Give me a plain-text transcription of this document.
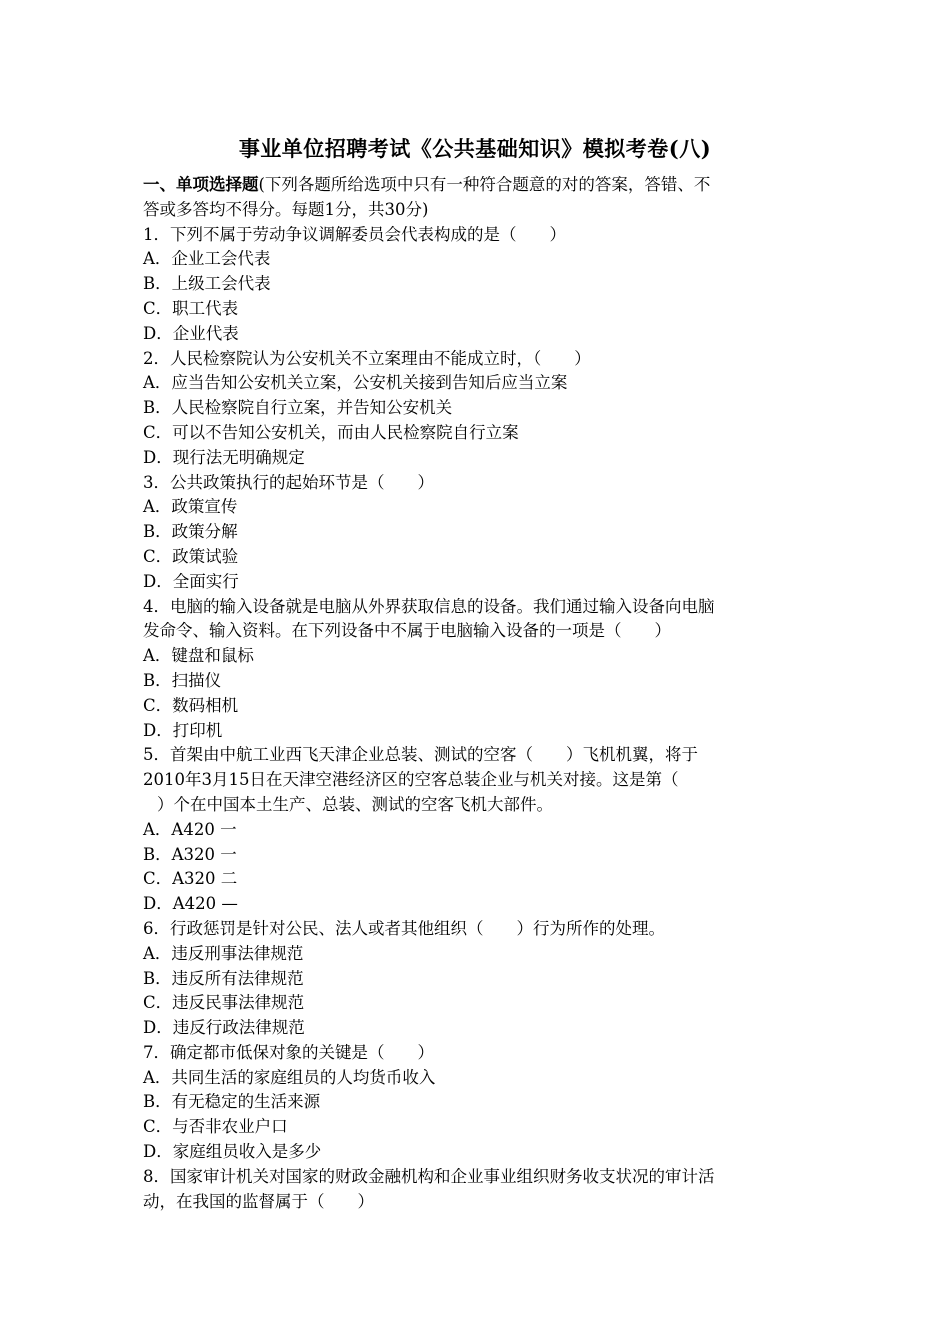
事业单位招聘考试《公共基础知识》模拟考卷(八)
一、单项选择题(下列各题所给选项中只有一种符合题意的对的答案，答错、不
答或多答均不得分。每题1分，共30分)
1．下列不属于劳动争议调解委员会代表构成的是（　　）
A．企业工会代表
B．上级工会代表
C．职工代表
D．企业代表
2．人民检察院认为公安机关不立案理由不能成立时，（　　）
A．应当告知公安机关立案，公安机关接到告知后应当立案
B．人民检察院自行立案，并告知公安机关
C．可以不告知公安机关，而由人民检察院自行立案
D．现行法无明确规定
3．公共政策执行的起始环节是（　　）
A．政策宣传
B．政策分解
C．政策试验
D．全面实行
4．电脑的输入设备就是电脑从外界获取信息的设备。我们通过输入设备向电脑
发命令、输入资料。在下列设备中不属于电脑输入设备的一项是（　　）
A．键盘和鼠标
B．扫描仪
C．数码相机
D．打印机
5．首架由中航工业西飞天津企业总装、测试的空客（　　）飞机机翼，将于
2010年3月15日在天津空港经济区的空客总装企业与机关对接。这是第（
）个在中国本土生产、总装、测试的空客飞机大部件。
A．A420 一
B．A320 一
C．A320 二
D．A420 —
6．行政惩罚是针对公民、法人或者其他组织（　　）行为所作的处理。
A．违反刑事法律规范
B．违反所有法律规范
C．违反民事法律规范
D．违反行政法律规范
7．确定都市低保对象的关键是（　　）
A．共同生活的家庭组员的人均货币收入
B．有无稳定的生活来源
C．与否非农业户口
D．家庭组员收入是多少
8．国家审计机关对国家的财政金融机构和企业事业组织财务收支状况的审计活
动，在我国的监督属于（　　）
